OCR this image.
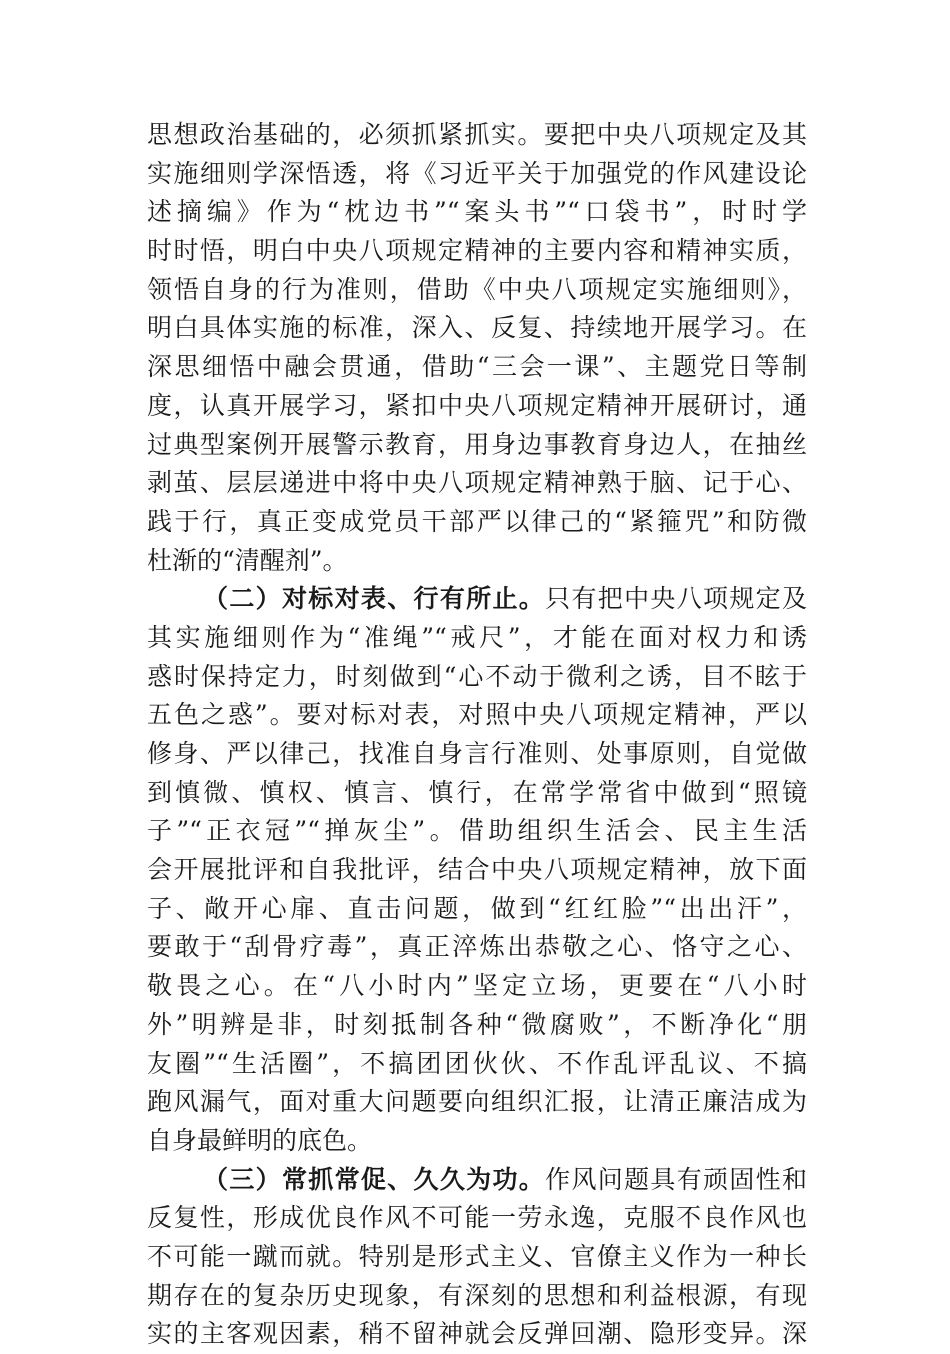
思想政治基础的，必须抓紧抓实。要把中央八项规定及其
实施细则学深悟透，将《习近平关于加强党的作风建设论
述摘编》作为“枕边书”“案头书”“口袋书”，时时学
时时悟，明白中央八项规定精神的主要内容和精神实质，
领悟自身的行为准则，借助《中央八项规定实施细则》，
明白具体实施的标准，深入、反复、持续地开展学习。在
深思细悟中融会贯通，借助“三会一课”、主题党日等制
度，认真开展学习，紧扣中央八项规定精神开展研讨，通
过典型案例开展警示教育，用身边事教育身边人，在抽丝
剥茧、层层递进中将中央八项规定精神熟于脑、记于心、
践于行，真正变成党员干部严以律己的“紧箍咒”和防微
杜渐的“清醒剂”。
（二）对标对表、行有所止。只有把中央八项规定及
其实施细则作为“准绳”“戒尺”，才能在面对权力和诱
惑时保持定力，时刻做到“心不动于微利之诱，目不眩于
五色之惑”。要对标对表，对照中央八项规定精神，严以
修身、严以律己，找准自身言行准则、处事原则，自觉做
到慎微、慎权、慎言、慎行，在常学常省中做到“照镜
子”“正衣冠”“掸灰尘”。借助组织生活会、民主生活
会开展批评和自我批评，结合中央八项规定精神，放下面
子、敞开心扉、直击问题，做到“红红脸”“出出汗”，
要敢于“刮骨疗毒”，真正淬炼出恭敬之心、恪守之心、
敬畏之心。在“八小时内”坚定立场，更要在“八小时
外”明辨是非，时刻抵制各种“微腐败”，不断净化“朋
友圈”“生活圈”，不搞团团伙伙、不作乱评乱议、不搞
跑风漏气，面对重大问题要向组织汇报，让清正廉洁成为
自身最鲜明的底色。
（三）常抓常促、久久为功。作风问题具有顽固性和
反复性，形成优良作风不可能一劳永逸，克服不良作风也
不可能一蹴而就。特别是形式主义、官僚主义作为一种长
期存在的复杂历史现象，有深刻的思想和利益根源，有现
实的主客观因素，稍不留神就会反弹回潮、隐形变异。深
